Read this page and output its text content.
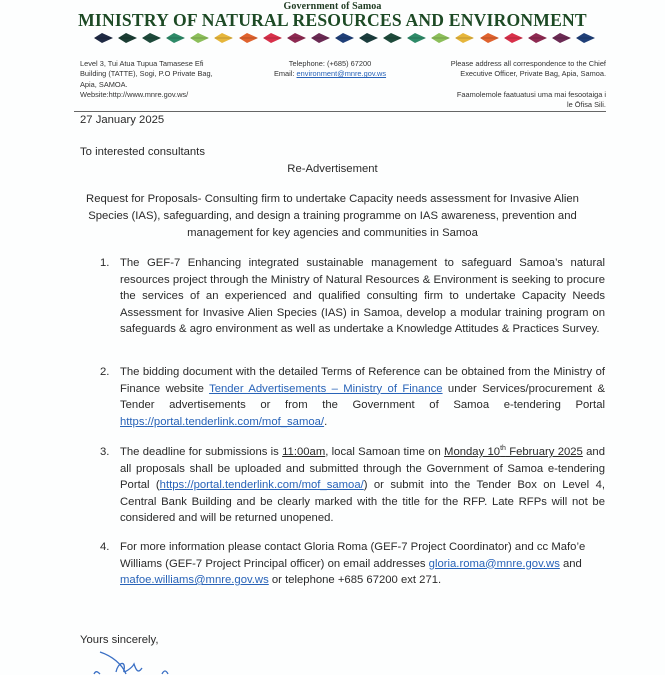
Government of Samoa
MINISTRY OF NATURAL RESOURCES AND ENVIRONMENT
Level 3, Tui Atua Tupua Tamasese Efi
Building (TATTE), Sogi, P.O Private Bag,
Apia, SAMOA.
Website:http://www.mnre.gov.ws/
Telephone: (+685) 67200
Email: environment@mnre.gov.ws
Please address all correspondence to the Chief
Executive Officer, Private Bag, Apia, Samoa.
Faamolemole faatuatusi uma mai fesootaiga i
le Ōfisa Sili.
27 January 2025
To interested consultants
Re-Advertisement
Request for Proposals- Consulting firm to undertake Capacity needs assessment for Invasive Alien Species (IAS), safeguarding, and design a training programme on IAS awareness, prevention and management for key agencies and communities in Samoa
1. The GEF-7 Enhancing integrated sustainable management to safeguard Samoa’s natural resources project through the Ministry of Natural Resources & Environment is seeking to procure the services of an experienced and qualified consulting firm to undertake Capacity Needs Assessment for Invasive Alien Species (IAS) in Samoa, develop a modular training program on safeguards & agro environment as well as undertake a Knowledge Attitudes & Practices Survey.
2. The bidding document with the detailed Terms of Reference can be obtained from the Ministry of Finance website Tender Advertisements – Ministry of Finance under Services/procurement & Tender advertisements or from the Government of Samoa e-tendering Portal https://portal.tenderlink.com/mof_samoa/.
3. The deadline for submissions is 11:00am, local Samoan time on Monday 10th February 2025 and all proposals shall be uploaded and submitted through the Government of Samoa e-tendering Portal (https://portal.tenderlink.com/mof_samoa/) or submit into the Tender Box on Level 4, Central Bank Building and be clearly marked with the title for the RFP. Late RFPs will not be considered and will be returned unopened.
4. For more information please contact Gloria Roma (GEF-7 Project Coordinator) and cc Mafo’e Williams (GEF-7 Project Principal officer) on email addresses gloria.roma@mnre.gov.ws and mafoe.williams@mnre.gov.ws or telephone +685 67200 ext 271.
Yours sincerely,
